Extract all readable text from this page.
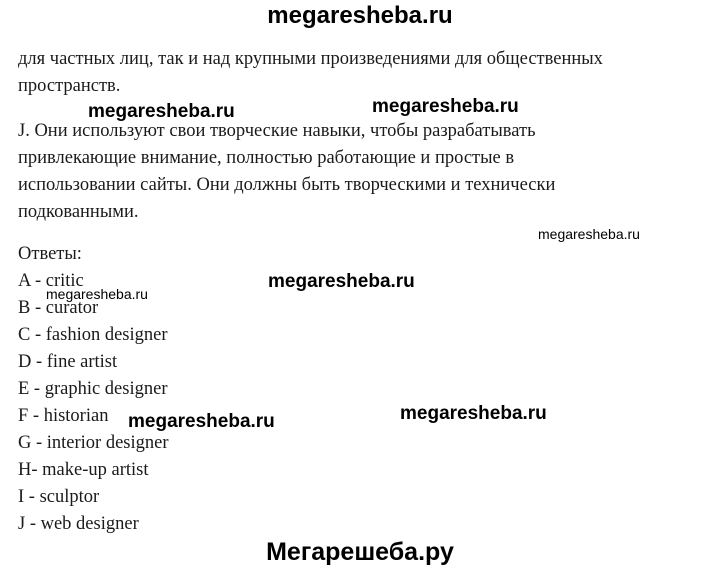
megaresheba.ru

для частных лиц, так и над крупными произведениями для общественных

пространств.

megaresheba.ru	megaresheba.ru

J. Они используют свои творческие навыки, чтобы разрабатывать

привлекающие внимание, полностью работающие и простые в

использовании сайты. Они должны быть творческими и технически

подкованными.

megaresheba.ru

Ответы:

megaresheba.ru

A - critic

megaresheba.ru

B - curator

C - fashion designer

D - fine artist

E - graphic designer

F - historian megaresheba.ru	megaresheba.ru

G - interior designer

H- make-up artist

I - sculptor

J - web designer

Мегарешеба.ру
